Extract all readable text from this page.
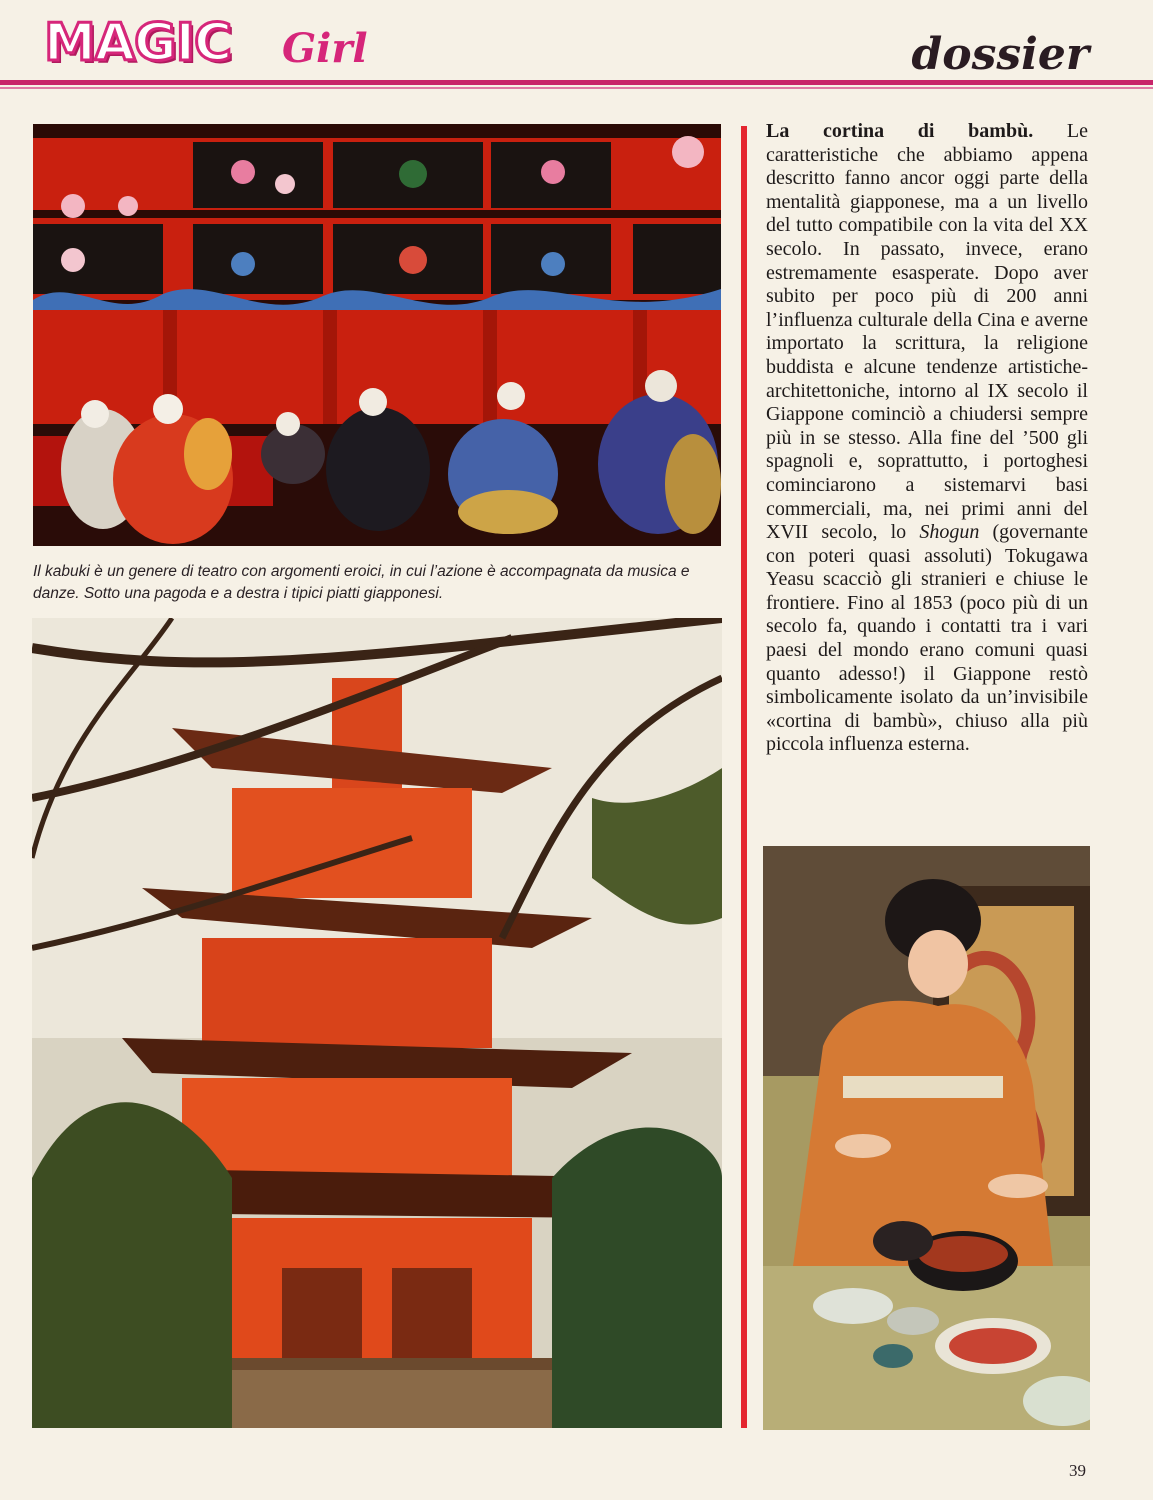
MAGIC Girl	dossier
Il kabuki è un genere di teatro con argomenti eroici, in cui l’azione è accompagnata da musica e danze. Sotto una pagoda e a destra i tipici piatti giapponesi.
La cortina di bambù. Le caratteristiche che abbiamo appena descritto fanno ancor oggi parte della mentalità giapponese, ma a un livello del tutto compatibile con la vita del XX secolo. In passato, invece, erano estremamente esasperate. Dopo aver subito per poco più di 200 anni l’influenza culturale della Cina e averne importato la scrittura, la religione buddista e alcune tendenze artistiche-architettoniche, intorno al IX secolo il Giappone cominciò a chiudersi sempre più in se stesso. Alla fine del ’500 gli spagnoli e, soprattutto, i portoghesi cominciarono a sistemarvi basi commerciali, ma, nei primi anni del XVII secolo, lo Shogun (governante con poteri quasi assoluti) Tokugawa Yeasu scacciò gli stranieri e chiuse le frontiere. Fino al 1853 (poco più di un secolo fa, quando i contatti tra i vari paesi del mondo erano comuni quasi quanto adesso!) il Giappone restò simbolicamente isolato da un’invisibile «cortina di bambù», chiuso alla più piccola influenza esterna.
39
